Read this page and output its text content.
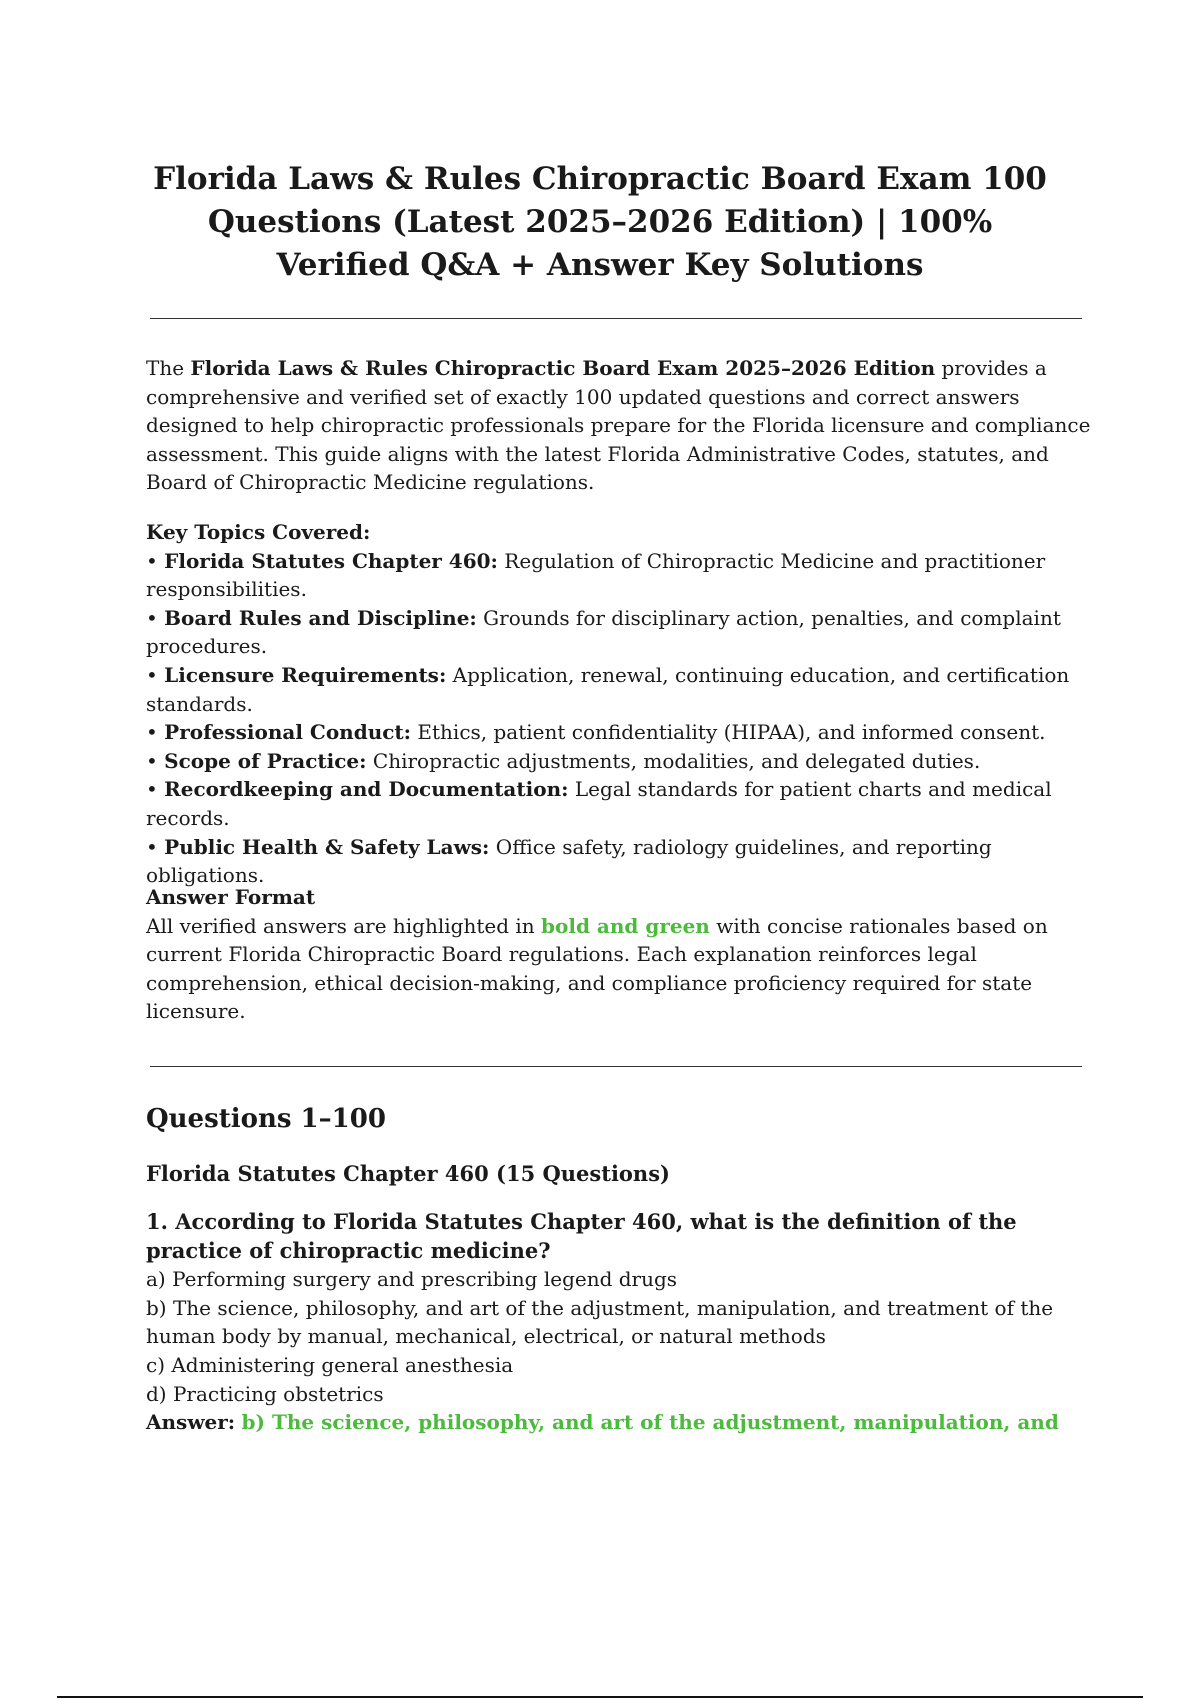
Florida Laws & Rules Chiropractic Board Exam 100 Questions (Latest 2025–2026 Edition) | 100% Verified Q&A + Answer Key Solutions

The Florida Laws & Rules Chiropractic Board Exam 2025–2026 Edition provides a comprehensive and verified set of exactly 100 updated questions and correct answers designed to help chiropractic professionals prepare for the Florida licensure and compliance assessment. This guide aligns with the latest Florida Administrative Codes, statutes, and Board of Chiropractic Medicine regulations.

Key Topics Covered:

• Florida Statutes Chapter 460: Regulation of Chiropractic Medicine and practitioner responsibilities.

• Board Rules and Discipline: Grounds for disciplinary action, penalties, and complaint procedures.

• Licensure Requirements: Application, renewal, continuing education, and certification standards.

• Professional Conduct: Ethics, patient confidentiality (HIPAA), and informed consent.

• Scope of Practice: Chiropractic adjustments, modalities, and delegated duties.

• Recordkeeping and Documentation: Legal standards for patient charts and medical records.

• Public Health & Safety Laws: Office safety, radiology guidelines, and reporting obligations.

Answer Format

All verified answers are highlighted in bold and green with concise rationales based on current Florida Chiropractic Board regulations. Each explanation reinforces legal comprehension, ethical decision-making, and compliance proficiency required for state licensure.

Questions 1–100
Florida Statutes Chapter 460 (15 Questions)

1. According to Florida Statutes Chapter 460, what is the definition of the practice of chiropractic medicine?

a) Performing surgery and prescribing legend drugs

b) The science, philosophy, and art of the adjustment, manipulation, and treatment of the human body by manual, mechanical, electrical, or natural methods

c) Administering general anesthesia

d) Practicing obstetrics

Answer: b) The science, philosophy, and art of the adjustment, manipulation, and
